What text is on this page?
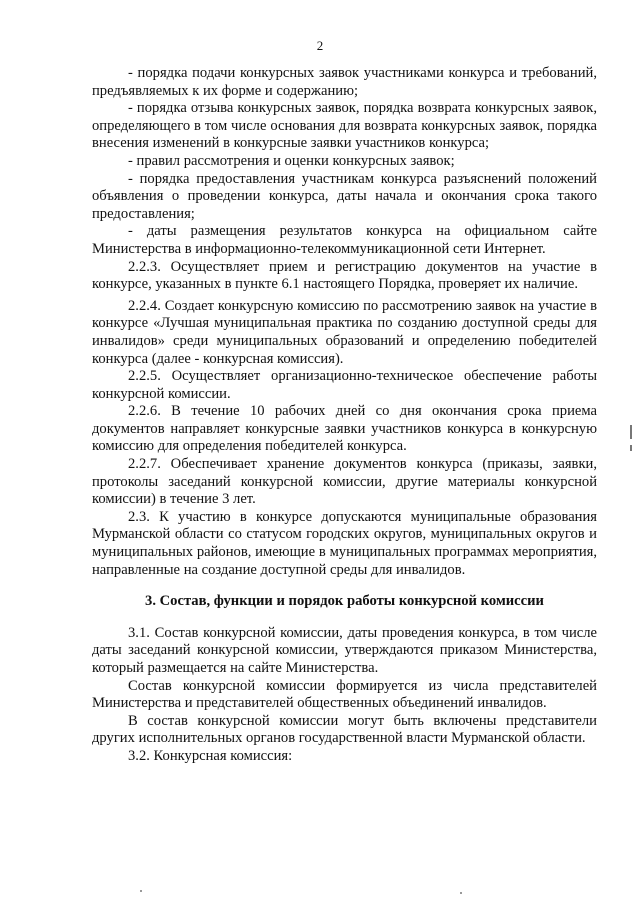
2

- порядка подачи конкурсных заявок участниками конкурса и требований, предъявляемых к их форме и содержанию;

- порядка отзыва конкурсных заявок, порядка возврата конкурсных заявок, определяющего в том числе основания для возврата конкурсных заявок, порядка внесения изменений в конкурсные заявки участников конкурса;

- правил рассмотрения и оценки конкурсных заявок;

- порядка предоставления участникам конкурса разъяснений положений объявления о проведении конкурса, даты начала и окончания срока такого предоставления;

- даты размещения результатов конкурса на официальном сайте Министерства в информационно-телекоммуникационной сети Интернет.

2.2.3. Осуществляет прием и регистрацию документов на участие в конкурсе, указанных в пункте 6.1 настоящего Порядка, проверяет их наличие.

2.2.4. Создает конкурсную комиссию по рассмотрению заявок на участие в конкурсе «Лучшая муниципальная практика по созданию доступной среды для инвалидов» среди муниципальных образований и определению победителей конкурса (далее - конкурсная комиссия).

2.2.5. Осуществляет организационно-техническое обеспечение работы конкурсной комиссии.

2.2.6. В течение 10 рабочих дней со дня окончания срока приема документов направляет конкурсные заявки участников конкурса в конкурсную комиссию для определения победителей конкурса.

2.2.7. Обеспечивает хранение документов конкурса (приказы, заявки, протоколы заседаний конкурсной комиссии, другие материалы конкурсной комиссии) в течение 3 лет.

2.3. К участию в конкурсе допускаются муниципальные образования Мурманской области со статусом городских округов, муниципальных округов и муниципальных районов, имеющие в муниципальных программах мероприятия, направленные на создание доступной среды для инвалидов.

3. Состав, функции и порядок работы конкурсной комиссии

3.1. Состав конкурсной комиссии, даты проведения конкурса, в том числе даты заседаний конкурсной комиссии, утверждаются приказом Министерства, который размещается на сайте Министерства.

Состав конкурсной комиссии формируется из числа представителей Министерства и представителей общественных объединений инвалидов.

В состав конкурсной комиссии могут быть включены представители других исполнительных органов государственной власти Мурманской области.

3.2. Конкурсная комиссия:
